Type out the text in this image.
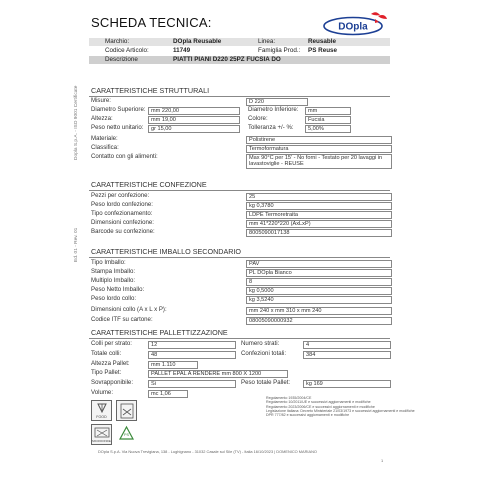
SCHEDA TECNICA:	DOpla
Marchio:	DOpla Reusable	Linea:	Reusable
Codice Articolo:	11749	Famiglia Prod.: PS Reuse
Descrizione	PIATTI PIANI D220 25PZ FUCSIA DO
Dopla S.p.A. - ISO 9001 Certificate
Ed. 01 - Rev. 01
CARATTERISTICHE STRUTTURALI
Misure:	D 220
Diametro Superiore: mm 220,00	Diametro Inferiore:	mm
Altezza:	mm 19,00	Colore:	Fucsia
Peso netto unitario:	gr 15,00	Tolleranza +/- %:	5,00%
Materiale:	Polistirene
Classifica:	Termoformatura
Contatto con gli alimenti:	Max 90°C per 15' - No forni - Testato per 20 lavaggi in lavastoviglie - REUSE
CARATTERISTICHE CONFEZIONE
Pezzi per confezione:	25
Peso lordo confezione:	kg 0,3780
Tipo confezionamento:	LDPE Termoretraita
Dimensioni confezione:	mm 41*220*220 (AxLxP)
Barcode su confezione:	8005090017138
CARATTERISTICHE IMBALLO SECONDARIO
Tipo Imballo:	PAV
Stampa Imballo:	PL DOpla Bianco
Multiplo Imballo:	8
Peso Netto Imballo:	kg 0,5000
Peso lordo collo:	kg 3,5240
Dimensioni collo (A x L x P):	mm 240 x mm 310 x mm 240
Codice ITF su cartone:	08005090000932
CARATTERISTICHE PALLETTIZZAZIONE
Colli per strato:	12	Numero strati:	4
Totale colli:	48	Confezioni totali:	384
Altezza Pallet:	mm 1.110
Tipo Pallet:	PALLET EPAL A RENDERE mm 800 X 1200
Sovrapponibile:	Si	Peso totale Pallet:	kg 169
Volume:	mc 1,06
FOOD
MICROONDE
PS
Regolamento 1935/2004/CE
Regolamento 10/2011/UE e successivi aggiornamenti e modifiche
Regolamento 2023/2006/CE e successivi aggiornamenti e modifiche
Legislazione italiana: Decreto Ministeriale 21/03/1973 e successivi aggiornamenti e modifiche
DPR 777/82 e successivi aggiornamenti e modifiche
DOpla S.p.A. Via Nuova Trevigiana, 138 - Lughignano - 31032 Casale sul Sile (TV) - Italia 16/10/2023 | DOMENICO MARIANO
1
